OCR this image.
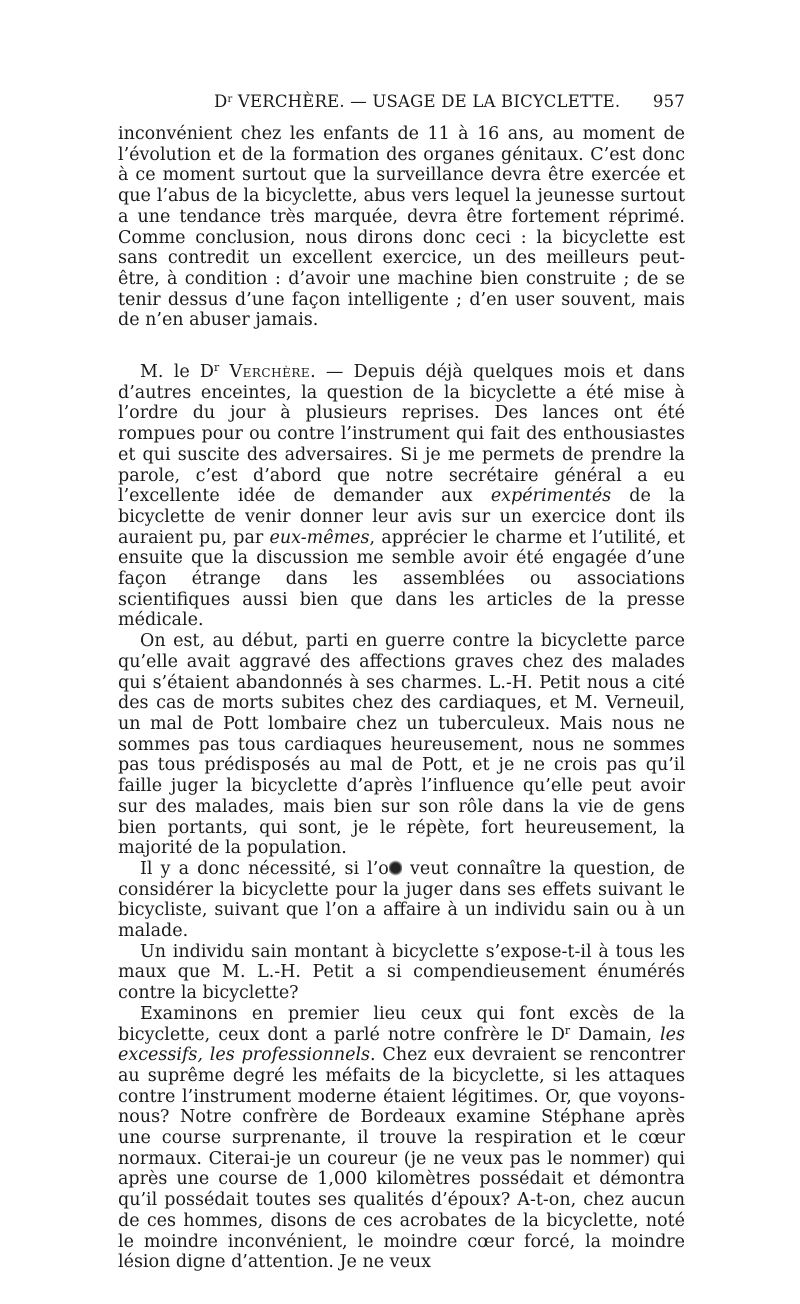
$D^r$ VERCHÈRE. — USAGE DE LA BICYCLETTE. 957

inconvénient chez les enfants de 11 à 16 ans, au moment de l’évolution et de la formation des organes génitaux. C’est donc à ce moment surtout que la surveillance devra être exercée et que l’abus de la bicyclette, abus vers lequel la jeunesse surtout a une tendance très marquée, devra être fortement réprimé. Comme conclusion, nous dirons donc ceci : la bicyclette est sans contredit un excellent exercice, un des meilleurs peut-être, à condition : d’avoir une machine bien construite ; de se tenir dessus d’une façon intelligente ; d’en user souvent, mais de n’en abuser jamais.

M. le $D^r$ Verchère. — Depuis déjà quelques mois et dans d’autres enceintes, la question de la bicyclette a été mise à l’ordre du jour à plusieurs reprises. Des lances ont été rompues pour ou contre l’instrument qui fait des enthousiastes et qui suscite des adversaires. Si je me permets de prendre la parole, c’est d’abord que notre secrétaire général a eu l’excellente idée de demander aux expérimentés de la bicyclette de venir donner leur avis sur un exercice dont ils auraient pu, par eux-mêmes, apprécier le charme et l’utilité, et ensuite que la discussion me semble avoir été engagée d’une façon étrange dans les assemblées ou associations scientifiques aussi bien que dans les articles de la presse médicale.

On est, au début, parti en guerre contre la bicyclette parce qu’elle avait aggravé des affections graves chez des malades qui s’étaient abandonnés à ses charmes. L.-H. Petit nous a cité des cas de morts subites chez des cardiaques, et M. Verneuil, un mal de Pott lombaire chez un tuberculeux. Mais nous ne sommes pas tous cardiaques heureusement, nous ne sommes pas tous prédisposés au mal de Pott, et je ne crois pas qu’il faille juger la bicyclette d’après l’influence qu’elle peut avoir sur des malades, mais bien sur son rôle dans la vie de gens bien portants, qui sont, je le répète, fort heureusement, la majorité de la population.

Il y a donc nécessité, si l’o veut connaître la question, de considérer la bicyclette pour la juger dans ses effets suivant le bicycliste, suivant que l’on a affaire à un individu sain ou à un malade.

Un individu sain montant à bicyclette s’expose-t-il à tous les maux que M. L.-H. Petit a si compendieusement énumérés contre la bicyclette?

Examinons en premier lieu ceux qui font excès de la bicyclette, ceux dont a parlé notre confrère le $D^r$ Damain, les excessifs, les professionnels. Chez eux devraient se rencontrer au suprême degré les méfaits de la bicyclette, si les attaques contre l’instrument moderne étaient légitimes. Or, que voyons-nous? Notre confrère de Bordeaux examine Stéphane après une course surprenante, il trouve la respiration et le cœur normaux. Citerai-je un coureur (je ne veux pas le nommer) qui après une course de 1,000 kilomètres possédait et démontra qu’il possédait toutes ses qualités d’époux? A-t-on, chez aucun de ces hommes, disons de ces acrobates de la bicyclette, noté le moindre inconvénient, le moindre cœur forcé, la moindre lésion digne d’attention. Je ne veux
